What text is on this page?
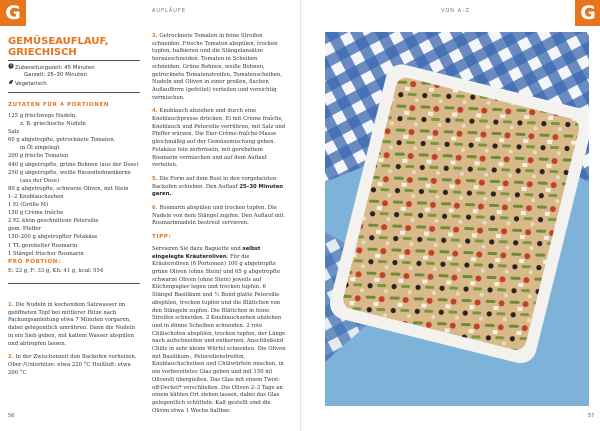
G	AUFLÄUFE
GEMÜSEAUFLAUF,
GRIECHISCH
Zubereitungszeit: 45 Minuten
Garzeit: 25–30 Minuten
Vegetarisch
ZUTATEN FÜR 4 PORTIONEN
125 g frischwegs Nudeln,
z. B. griechische Nudeln
Salz
60 g abgetropfte, getrocknete Tomaten,
in Öl eingelegt
200 g frische Tomaten
440 g abgetropfte, grüne Bohnen (aus der Dose)
250 g abgetropfte, weiße Riesenbohnenkerne
(aus der Dose)
80 g abgetropfte, schwarze Oliven, mit Stein
1–2 Knoblauchzehen
1 Ei (Größe M)
150 g Crème fraîche
2 EL klein geschnittene Petersilie
gem. Pfeffer
150–200 g abgetropfter Fetakäse
1 TL gerebelter Rosmarin
1 Stängel frischer Rosmarin
PRO PORTION:
E: 22 g, F: 33 g, Kh: 41 g, kcal: 554

1. Die Nudeln in kochendem Salzwasser im geöffneten Topf bei mittlerer Hitze nach Packungsanleitung etwa 7 Minuten vorgaren, dabei gelegentlich umrühren. Dann die Nudeln in ein Sieb geben, mit kaltem Wasser abspülen und abtropfen lassen.

2. In der Zwischenzeit den Backofen vorheizen. Ober-/Unterhitze: etwa 220 °C Heißluft: etwa 200 °C

3. Getrocknete Tomaten in feine Streifen schneiden. Frische Tomaten abspülen, trocken tupfen, halbieren und die Stängelansätze herausschneiden. Tomaten in Scheiben schneiden. Grüne Bohnen, weiße Bohnen, getrocknete Tomatenstreifen, Tomatenscheiben, Nudeln und Oliven in einer großen, flachen Auflaufform (gefettet) verteilen und vorsichtig vermischen.

4. Knoblauch abziehen und durch eine Knoblauchpresse drücken. Ei mit Crème fraîche, Knoblauch und Petersilie verrühren, mit Salz und Pfeffer würzen. Die Eier-Crème-fraîche-Masse gleichmäßig auf der Gemüsemischung geben. Fetakäse fein zerbröseln, mit gerebeltem Rosmarin vermischen und auf dem Auflauf verteilen.

5. Die Form auf dem Rost in den vorgeheizten Backofen schieben. Den Auflauf 25–30 Minuten garen.

6. Rosmarin abspülen und trocken tupfen. Die Nadeln von dem Stängel zupfen. Den Auflauf mit Rosmarinnadeln bestreut servieren.

TIPP:

Servieren Sie dazu Baguette und selbst eingelegte Kräuteroliven. Für die Kräuteroliven (6 Portionen) 100 g abgetropfte grüne Oliven (ohne Stein) und 65 g abgetropfte schwarze Oliven (ohne Stein) jeweils auf Küchenpapier legen und trocken tupfen. 6 Stängel Basilikum und ½ Bund glatte Petersilie abspülen, trocken tupfen und die Blättchen von den Stängeln zupfen. Die Blättchen in feine Streifen schneiden. 2 Knoblauchzehen abziehen und in dünne Scheiben schneiden. 2 rote Chilischoten abspülen, trocken tupfen, der Länge nach aufschneiden und entkernen. Anschließend Chilis in sehr kleine Würfel schneiden. Die Oliven mit Basilikum-, Petersilienstreifen, Knoblauchscheiben und Chiliwürfeln mischen, in ein vorbereitetes Glas geben und mit 150 ml Olivenöl übergießen. Das Glas mit einem Twist-off-Deckel* verschließen. Die Oliven 2–3 Tage an einem kühlen Ort ziehen lassen, dabei das Glas gelegentlich schütteln. Kalt gestellt sind die Oliven etwa 1 Woche haltbar.

56
VON A–Z	G
57
